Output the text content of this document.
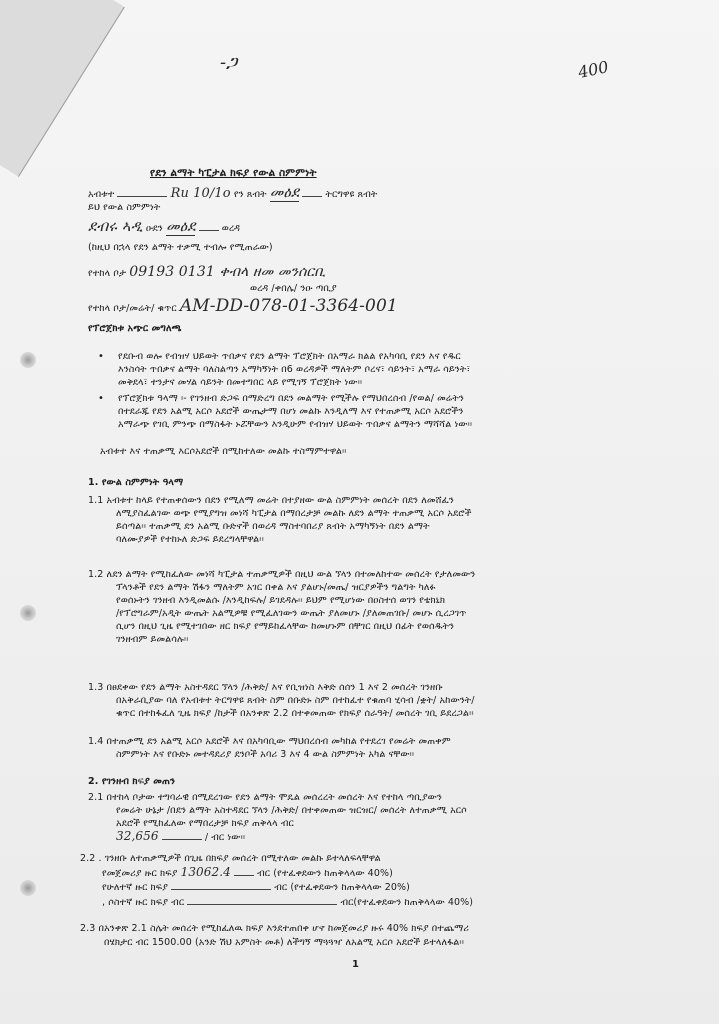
-ጋ	400
የደን ልማት ካፒታል ክፍያ የውል ስምምነት
አብቱተ	Ru 10/1o የን ጸብት መዕደ	ትርግዋዩ ጸብት
ይህ የውል ስምምነት
ደብሩ ኣዲ ዑደን መዕደ	ወረዳ
(ከዚህ በኋላ የደን ልማት ተቃሚ ተብሎ የሚጠራው)
የተከላ ቦታ 09193 0131 ቀብላ ዘመ መንሰርቢ
ወረዳ /ቀበሌ/ ንዑ ጣቢያ
የተከላ ቦታ/መሬት/ ቁጥር AM-DD-078-01-3364-001
የፕሮጀክቱ አጭር መግለጫ
• የደቡብ ወሎ የብዝሃ ህይወት ጥበቃና የደን ልማት ፕሮጀክት በአማራ ክልል የአካባቢ የደን እና የዱር
እንስሳት ጥበቃና ልማት ባለስልጣን አማካኝነት በ6 ወረዳዎች ማለትም ቦረና፣ ሳይንት፣ አማራ ሳይንት፣
መቅደላ፣ ተንታና መሃል ሳይንት በመተግበር ላይ የሚገኝ ፕሮጀክት ነው፡፡
• የፕሮጀክቱ ዓላማ ፡- የገንዘብ ድጋፍ በማድረግ በደን መልማት የሚችሉ የማህበረሰብ /የወል/ መሬትን
በተደራጁ የደን አልሚ አርሶ አደሮች ውጤታማ በሆነ መልኩ እንዲለማ እና የተጠቃሚ አርሶ አደሮችን
አማራጭ የገቢ ምንጭ በማስፋት ኑሯቸውን እንዲሁም የብዝሃ ህይወት ጥበቃና ልማትን ማሻሻል ነው፡፡
አብቱተ እና ተጠቃሚ እርሶአደሮች በሚከተለው መልኩ ተስማምተዋል፡፡
1. የውል ስምምነት ዓላማ
1.1 አብቱተ ከላይ የተጠቀሰውን በደን የሚለማ መሬት በተያዘው ውል ስምምነት መሰረት በደን ለመሸፈን
ለሚያስፈልገው ወጭ የሚያግዝ መነሻ ካፒታል በማበረታቻ መልኩ ለደን ልማት ተጠቃሚ አርሶ አደሮች
ይሰጣል፡፡ ተጠቃሚ ደን አልሚ ቡድኖች በወረዳ ማስተባበሪያ ጸብት አማካኝነት በደን ልማት
ባለሙያዎች የተከኑለ ድጋፍ ይደረግላቸዋል፡፡
1.2 ለደን ልማት የሚከፈለው መነሻ ካፒታል ተጠቃሚዎች በዚህ ውል ኘላን በተመለከተው መሰረት የታለመውን
ፕላንቶች የደን ልማት ሽፋን ማለትም አገር በቀል እና ያልሆኑ/መጤ/ ዝርያዎችን ግልግት ካለፉ
የወሰኑትን ገንዘብ እንዲመልሱ /እንዲከፍሉ/ ይገደዳሉ፡፡ ይህም የሚሆነው በዐስተሰ ወገን የቴክኒክ
/የፕሮግራም/አዲት ውጤት አልሚዎቹ የሚፈለገውን ውጤት ያለመሆኑ /ያለመጠገቡ/ መሆኑ ሲረጋገጥ
ሲሆን በዚህ ጊዜ የሚተገበው ዘር ክፍያ የማይከፈላቸው ከመሆኑም በቸገር በዚህ በፊት የወሰዱትን
ገንዘብም ይመልሳሉ፡፡
1.3 በፀደቀው የደን ልማት አስተዳደር ኘላን /ሕቅድ/ እና የቢዝነስ እቅድ ሰሰን 1 እና 2 መሰረት ገንዘቡ
በአቅራቢያው ባለ የአብቱተ ትርግዋዩ ጸብት ስም በቡድኑ ስም በተከፈተ የቁጠባ ሂሳብ /ቋት/ አከውንት/
ቁጥር በተከፋፈለ ጊዜ ክፍያ /ከታች በአንቀጽ 2.2 በተቀመጠው የክፍያ ሰራዓት/ መሰረት ገቢ ይደረጋል፡፡
1.4 በተጠቃሚ ደን አልሚ አርሶ አደሮች እና በአካባቢው ማህበረሰብ መካከል የተደረገ የመሬት መጠቀም
ስምምነት እና የቡድኑ መተዳደሪያ ደንቦች አባሪ 3 እና 4 ውል ስምምነት አካል ናቸው፡፡
2. የገንዘብ ክፍያ መጠን
2.1 በተከላ ቦታው ተግባራዊ በሚደረገው የደን ልማት ሞዴል መሰረረት መሰረት እና የተከላ ጣቢያውን
የመሬት ሁኔታ /በደን ልማት አስተዳደር ኘላን /ሕቅድ/ በተቀመጠው ዝርዝር/ መሰረት ለተጠቃሚ አርሶ
አደሮች የሚከፈለው የማበረታቻ ክፍያ ጠቅላላ ብር
32,656	/ ብር ነው፡፡
2.2 . ገንዘቡ ለተጠቃሚዎች በጊዜ በክፍያ መሰረት በሚተለው መልኩ ይተላለፍላቸዋል
የመጀመሪያ ዙር ክፍያ 13062.4	ብር (የተፈቀደውን ከጠቅላላው 40%)
የሁለተኛ ዙር ክፍያ	ብር (የተፈቀደውን ከጠቅላላው 20%)
, ሶስተኛ ዙር ክፍያ ብር	ብር(የተፈቀደውን ከጠቅላላው 40%)
2.3 በአንቀጽ 2.1 ስሌት መሰረት የሚከፈለዉ ክፍያ እንደተጠበቀ ሆኖ ከመጀመሪያ ዙሩ 40% ክፍያ በተጨማሪ
በሄክታር ብር 1500.00 (አንድ ሽህ አምስት መቶ) ለችግኝ ማጓጓዣ ለአልሚ አርሶ አደሮች ይተላለፋል፡፡
1
